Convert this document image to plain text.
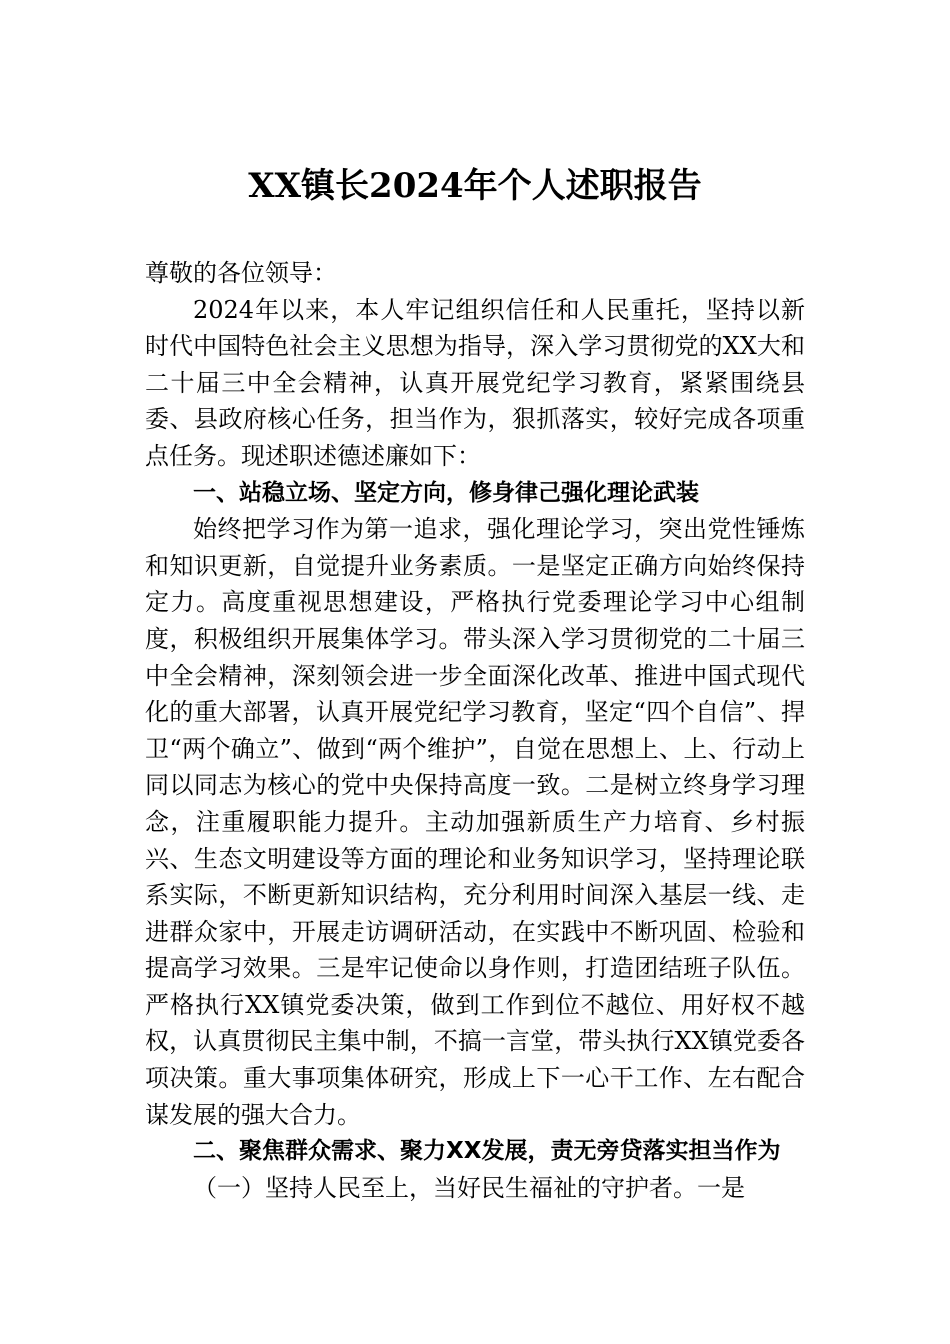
XX镇长2024年个人述职报告

尊敬的各位领导：

2024年以来，本人牢记组织信任和人民重托，坚持以新时代中国特色社会主义思想为指导，深入学习贯彻党的XX大和二十届三中全会精神，认真开展党纪学习教育，紧紧围绕县委、县政府核心任务，担当作为，狠抓落实，较好完成各项重点任务。现述职述德述廉如下：

一、站稳立场、坚定方向，修身律己强化理论武装

始终把学习作为第一追求，强化理论学习，突出党性锤炼和知识更新，自觉提升业务素质。一是坚定正确方向始终保持定力。高度重视思想建设，严格执行党委理论学习中心组制度，积极组织开展集体学习。带头深入学习贯彻党的二十届三中全会精神，深刻领会进一步全面深化改革、推进中国式现代化的重大部署，认真开展党纪学习教育，坚定“四个自信”、捍卫“两个确立”、做到“两个维护”，自觉在思想上、上、行动上同以同志为核心的党中央保持高度一致。二是树立终身学习理念，注重履职能力提升。主动加强新质生产力培育、乡村振兴、生态文明建设等方面的理论和业务知识学习，坚持理论联系实际，不断更新知识结构，充分利用时间深入基层一线、走进群众家中，开展走访调研活动，在实践中不断巩固、检验和提高学习效果。三是牢记使命以身作则，打造团结班子队伍。严格执行XX镇党委决策，做到工作到位不越位、用好权不越权，认真贯彻民主集中制，不搞一言堂，带头执行XX镇党委各项决策。重大事项集体研究，形成上下一心干工作、左右配合谋发展的强大合力。

二、聚焦群众需求、聚力XX发展，责无旁贷落实担当作为

（一）坚持人民至上，当好民生福祉的守护者。一是
